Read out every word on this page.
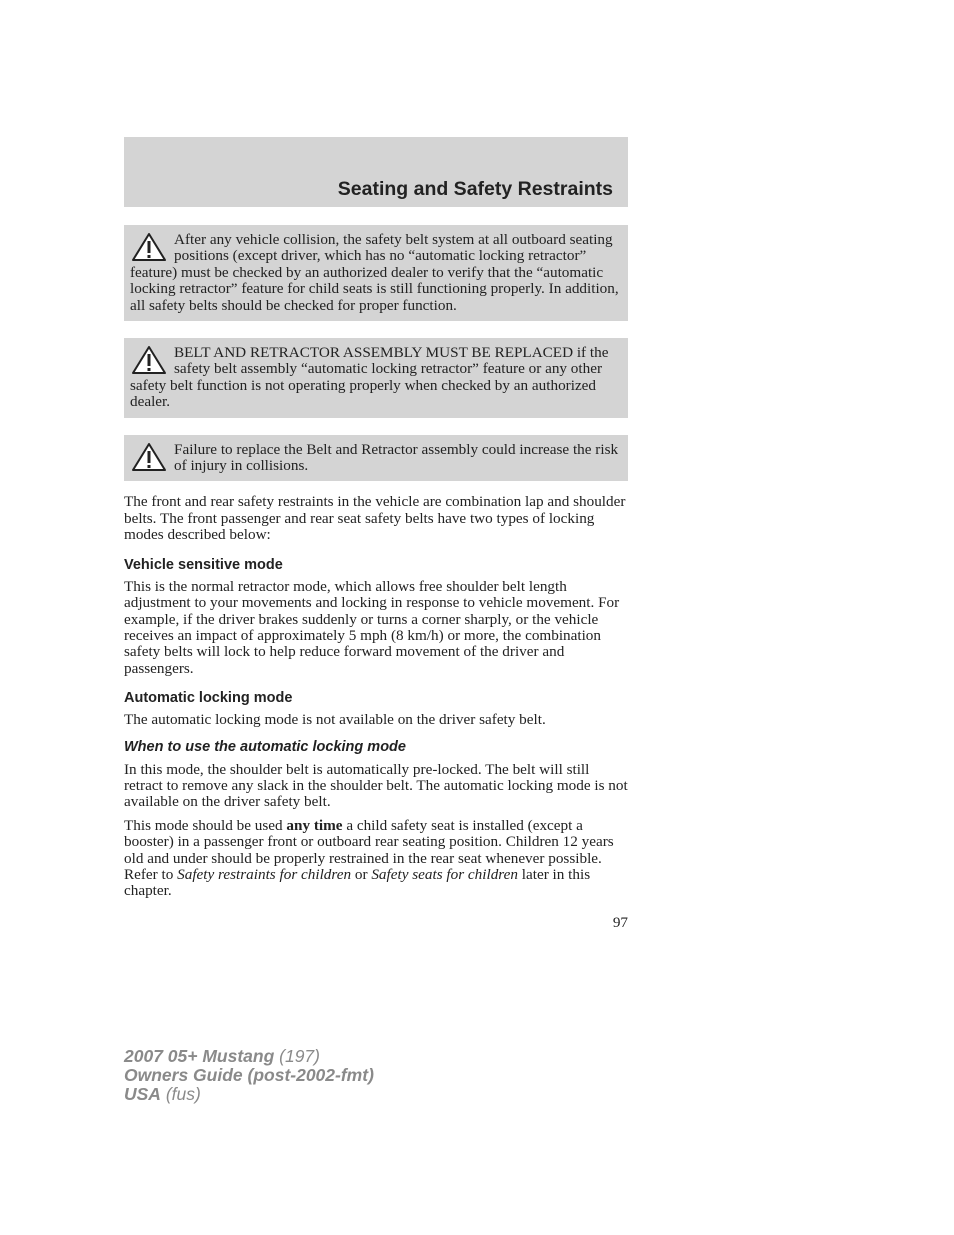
Seating and Safety Restraints
After any vehicle collision, the safety belt system at all outboard seating positions (except driver, which has no “automatic locking retractor” feature) must be checked by an authorized dealer to verify that the “automatic locking retractor” feature for child seats is still functioning properly. In addition, all safety belts should be checked for proper function.
BELT AND RETRACTOR ASSEMBLY MUST BE REPLACED if the safety belt assembly “automatic locking retractor” feature or any other safety belt function is not operating properly when checked by an authorized dealer.
Failure to replace the Belt and Retractor assembly could increase the risk of injury in collisions.

The front and rear safety restraints in the vehicle are combination lap and shoulder belts. The front passenger and rear seat safety belts have two types of locking modes described below:

Vehicle sensitive mode

This is the normal retractor mode, which allows free shoulder belt length adjustment to your movements and locking in response to vehicle movement. For example, if the driver brakes suddenly or turns a corner sharply, or the vehicle receives an impact of approximately 5 mph (8 km/h) or more, the combination safety belts will lock to help reduce forward movement of the driver and passengers.

Automatic locking mode

The automatic locking mode is not available on the driver safety belt.

When to use the automatic locking mode

In this mode, the shoulder belt is automatically pre-locked. The belt will still retract to remove any slack in the shoulder belt. The automatic locking mode is not available on the driver safety belt.

This mode should be used any time a child safety seat is installed (except a booster) in a passenger front or outboard rear seating position. Children 12 years old and under should be properly restrained in the rear seat whenever possible. Refer to Safety restraints for children or Safety seats for children later in this chapter.

97
2007 05+ Mustang (197)
Owners Guide (post-2002-fmt)
USA (fus)
